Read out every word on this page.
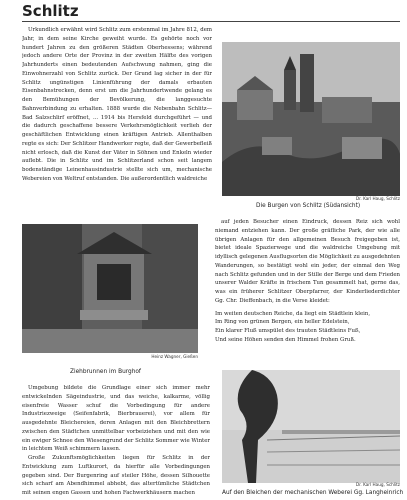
Schlitz

Urkundlich erwähnt wird Schlitz zum erstenmal im Jahre 812, dem Jahr, in dem seine Kirche geweiht wurde. Es gehörte noch vor hundert Jahren zu den größeren Städten Oberhessens; während jedoch andere Orte der Provinz in der zweiten Hälfte des vorigen Jahrhunderts einen bedeutenden Aufschwung nahmen, ging die Einwohnerzahl von Schlitz zurück. Der Grund lag sicher in der für Schlitz ungünstigen Linienführung der damals erbauten Eisenbahnstrecken, denn erst um die Jahrhundertwende gelang es den Bemühungen der Bevölkerung, die langgesuchte Bahnverbindung zu erhalten. 1888 wurde die Nebenbahn Schlitz—Bad Salzschlirf eröffnet, ... 1914 bis Hersfeld durchgeführt — und die dadurch geschaffene bessere Verkehrsmöglichkeit verlieh der geschäftlichen Entwicklung einen kräftigen Antrieb. Allenthalben regte es sich: Der Schlitzer Handwerker regte, daß der Gewerbefleiß nicht erlosch, daß die Kunst der Väter in Söhnen und Enkeln wieder auflebt. Die in Schlitz und im Schlitzerland schon seit langem bodenständige Leinenhausindustrie stellte sich um, mechanische Webereien von Weltruf entstanden. Die außerordentlich waldreiche

Die Burgen von Schlitz (Südansicht)
Dr. Karl Haug, Schlitz
Heinz Wagner, Gießen
Ziehbrunnen im Burghof

auf jeden Besucher einen Eindruck, dessen Reiz sich wohl niemand entziehen kann. Der große gräfliche Park, der wie alle übrigen Anlagen für den allgemeinen Besuch freigegeben ist, bietet ideale Spazierwege und die waldreiche Umgebung mit idyllisch gelegenen Ausflugsorten die Möglichkeit zu ausgedehnten Wanderungen, so bestätigt wohl ein jeder, der einmal den Weg nach Schlitz gefunden und in der Stille der Berge und dem Frieden unserer Walder Kräfte in frischem Tun gesammelt hat, gerne das, was ein früherer Schlitzer Oberpfarrer, der Kinderliederdichter Gg. Chr. Dieffenbach, in die Verse kleidet:

Im weiten deutschen Reiche, da liegt ein Städtlein klein,
Im Ring von grünen Bergen, ein heller Edelstein,
Ein klarer Fluß umspület des trauten Städtleins Fuß,
Und seine Höhen senden den Himmel frohen Gruß.

Umgebung bildete die Grundlage einer sich immer mehr entwickelnden Sägeindustrie, und das weiche, kalkarme, völlig eisenfreie Wasser schuf die Vorbedingung für andere Industriezweige (Seifenfabrik, Bierbrauerei), vor allem für ausgedehnte Bleichereien, deren Anlagen mit den Bleichbrettern zwischen den Städtchen unmittelbar vorbeiziehen und mit den wie ein ewiger Schnee den Wiesengrund der Schlitz Sommer wie Winter in leichtem Weiß schimmern lassen.

Große Zukunftsmöglichkeiten liegen für Schlitz in der Entwicklung zum Luftkurort, da hierfür alle Vorbedingungen gegeben sind. Der Burgenring auf steiler Höhe, dessen Silhouette sich scharf am Abendhimmel abhebt, das altertümliche Städtchen mit seinen engen Gassen und hohen Fachwerkhäusern machen

Dr. Karl Haug, Schlitz
Auf den Bleichen der mechanischen Weberei Gg. Langheinrich
